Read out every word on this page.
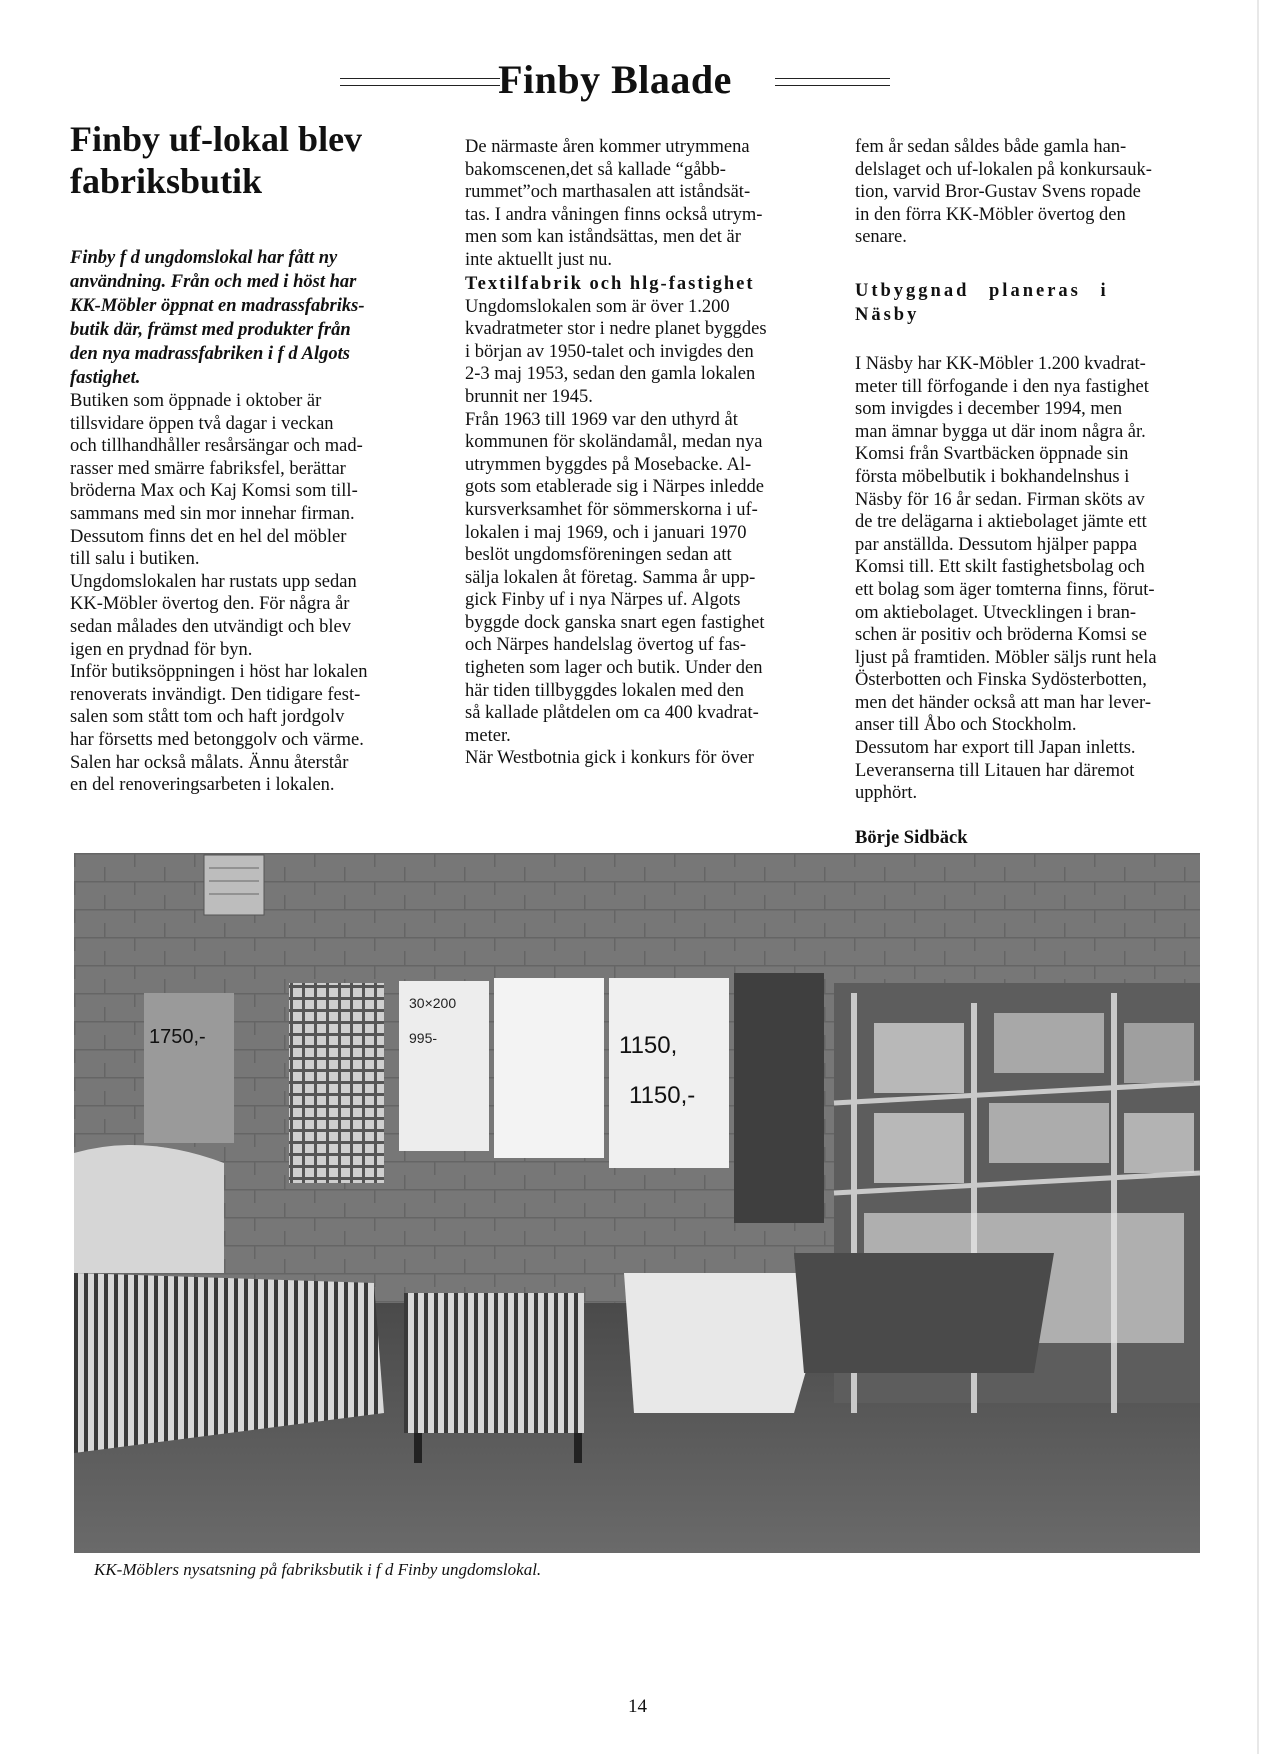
Finby Blaade
Finby uf-lokal blev
fabriksbutik

Finby f d ungdomslokal har fått ny användning. Från och med i höst har KK-Möbler öppnat en madrassfabriks-butik där, främst med produkter från den nya madrassfabriken i f d Algots fastighet.

Butiken som öppnade i oktober är

tillsvidare öppen två dagar i veckan

och tillhandhåller resårsängar och mad-

rasser med smärre fabriksfel, berättar

bröderna Max och Kaj Komsi som till-

sammans med sin mor innehar firman.

Dessutom finns det en hel del möbler

till salu i butiken.

Ungdomslokalen har rustats upp sedan

KK-Möbler övertog den. För några år

sedan målades den utvändigt och blev

igen en prydnad för byn.

Inför butiksöppningen i höst har lokalen

renoverats invändigt. Den tidigare fest-

salen som stått tom och haft jordgolv

har försetts med betonggolv och värme.

Salen har också målats. Ännu återstår

en del renoveringsarbeten i lokalen.

De närmaste åren kommer utrymmena

bakomscenen,det så kallade “gåbb-

rummet”och marthasalen att iståndsät-

tas. I andra våningen finns också utrym-

men som kan iståndsättas, men det är

inte aktuellt just nu.

Textilfabrik och hlg-fastighet

Ungdomslokalen som är över 1.200

kvadratmeter stor i nedre planet byggdes

i början av 1950-talet och invigdes den

2-3 maj 1953, sedan den gamla lokalen

brunnit ner 1945.

Från 1963 till 1969 var den uthyrd åt

kommunen för skoländamål, medan nya

utrymmen byggdes på Mosebacke. Al-

gots som etablerade sig i Närpes inledde

kursverksamhet för sömmerskorna i uf-

lokalen i maj 1969, och i januari 1970

beslöt ungdomsföreningen sedan att

sälja lokalen åt företag. Samma år upp-

gick Finby uf i nya Närpes uf. Algots

byggde dock ganska snart egen fastighet

och Närpes handelslag övertog uf fas-

tigheten som lager och butik. Under den

här tiden tillbyggdes lokalen med den

så kallade plåtdelen om ca 400 kvadrat-

meter.

När Westbotnia gick i konkurs för över

fem år sedan såldes både gamla han-

delslaget och uf-lokalen på konkursauk-

tion, varvid Bror-Gustav Svens ropade

in den förra KK-Möbler övertog den

senare.

Utbyggnad planeras i Näsby

I Näsby har KK-Möbler 1.200 kvadrat-

meter till förfogande i den nya fastighet

som invigdes i december 1994, men

man ämnar bygga ut där inom några år.

Komsi från Svartbäcken öppnade sin

första möbelbutik i bokhandelnshus i

Näsby för 16 år sedan. Firman sköts av

de tre delägarna i aktiebolaget jämte ett

par anställda. Dessutom hjälper pappa

Komsi till. Ett skilt fastighetsbolag och

ett bolag som äger tomterna finns, förut-

om aktiebolaget. Utvecklingen i bran-

schen är positiv och bröderna Komsi se

ljust på framtiden. Möbler säljs runt hela

Österbotten och Finska Sydösterbotten,

men det händer också att man har lever-

anser till Åbo och Stockholm.

Dessutom har export till Japan inletts.

Leveranserna till Litauen har däremot

upphört.

Börje Sidbäck

30×200
995-	1150,
1150,-
1750,-
KK-Möblers nysatsning på fabriksbutik i f d Finby ungdomslokal.
14
